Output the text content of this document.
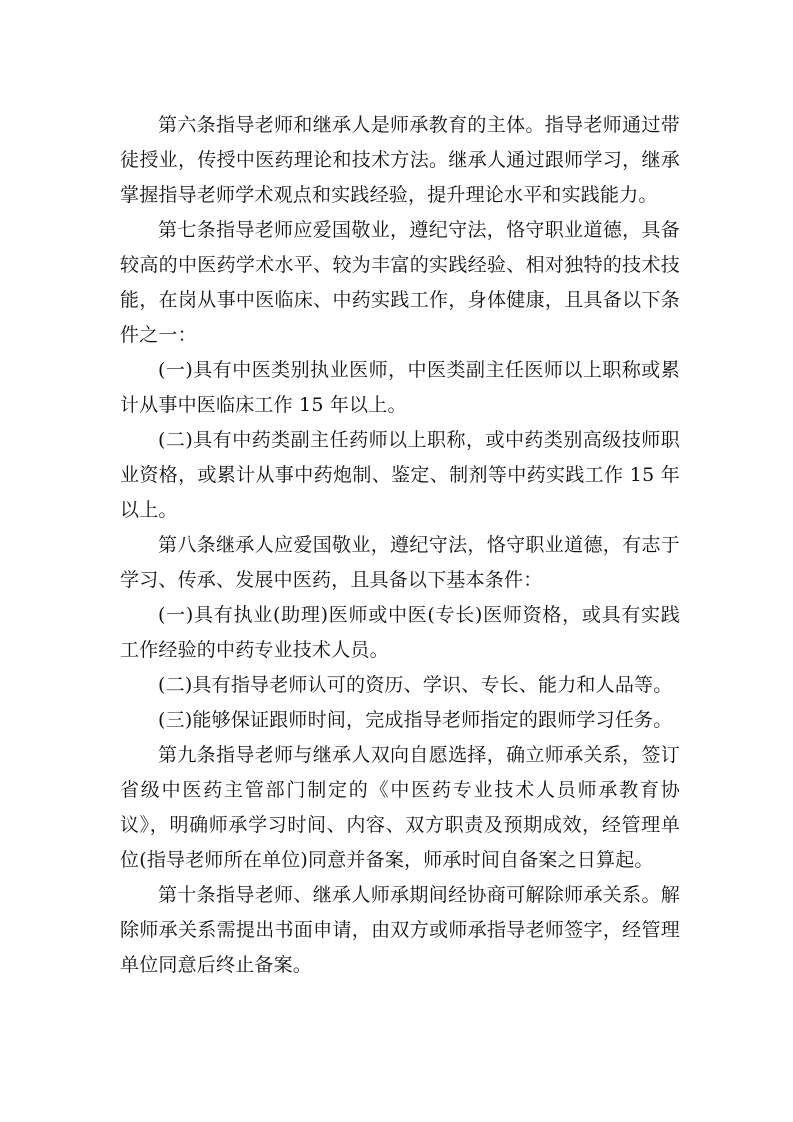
第六条指导老师和继承人是师承教育的主体。指导老师通过带徒授业，传授中医药理论和技术方法。继承人通过跟师学习，继承掌握指导老师学术观点和实践经验，提升理论水平和实践能力。

第七条指导老师应爱国敬业，遵纪守法，恪守职业道德，具备较高的中医药学术水平、较为丰富的实践经验、相对独特的技术技能，在岗从事中医临床、中药实践工作，身体健康，且具备以下条件之一：

(一)具有中医类别执业医师，中医类副主任医师以上职称或累计从事中医临床工作 15 年以上。

(二)具有中药类副主任药师以上职称，或中药类别高级技师职业资格，或累计从事中药炮制、鉴定、制剂等中药实践工作 15 年以上。

第八条继承人应爱国敬业，遵纪守法，恪守职业道德，有志于学习、传承、发展中医药，且具备以下基本条件：

(一)具有执业(助理)医师或中医(专长)医师资格，或具有实践工作经验的中药专业技术人员。

(二)具有指导老师认可的资历、学识、专长、能力和人品等。

(三)能够保证跟师时间，完成指导老师指定的跟师学习任务。

第九条指导老师与继承人双向自愿选择，确立师承关系，签订省级中医药主管部门制定的《中医药专业技术人员师承教育协议》，明确师承学习时间、内容、双方职责及预期成效，经管理单位(指导老师所在单位)同意并备案，师承时间自备案之日算起。

第十条指导老师、继承人师承期间经协商可解除师承关系。解除师承关系需提出书面申请，由双方或师承指导老师签字，经管理单位同意后终止备案。
